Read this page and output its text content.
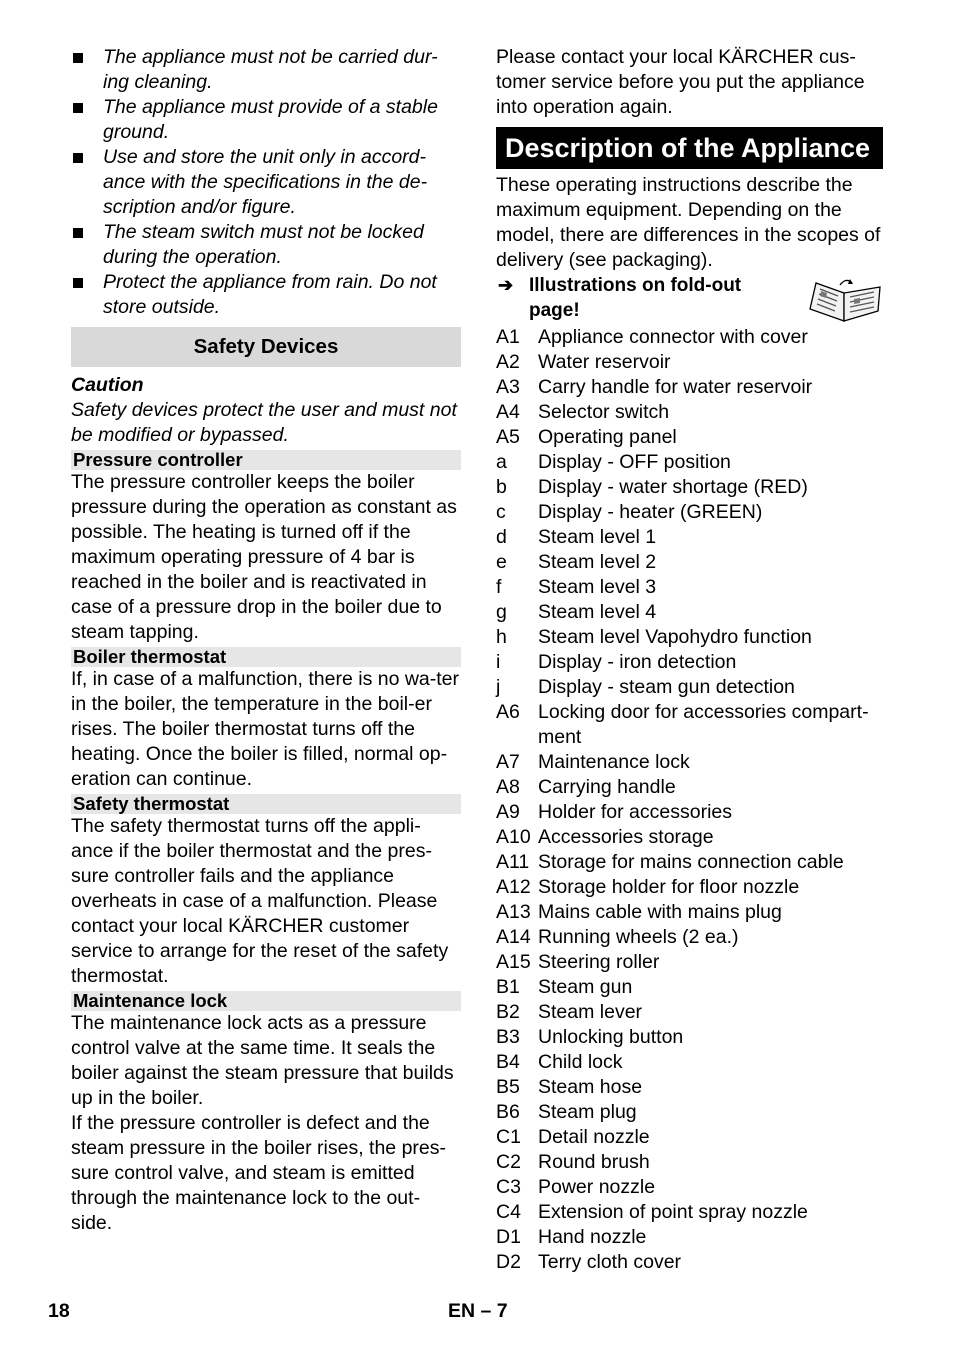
The appliance must not be carried dur-ing cleaning.
The appliance must provide of a stable ground.
Use and store the unit only in accord-ance with the specifications in the de-scription and/or figure.
The steam switch must not be locked during the operation.
Protect the appliance from rain. Do not store outside.
Safety Devices

Caution

Safety devices protect the user and must not be modified or bypassed.

Pressure controller

The pressure controller keeps the boiler pressure during the operation as constant as possible. The heating is turned off if the maximum operating pressure of 4 bar is reached in the boiler and is reactivated in case of a pressure drop in the boiler due to steam tapping.

Boiler thermostat

If, in case of a malfunction, there is no wa-ter in the boiler, the temperature in the boil-er rises. The boiler thermostat turns off the heating. Once the boiler is filled, normal op-eration can continue.

Safety thermostat

The safety thermostat turns off the appli-ance if the boiler thermostat and the pres-sure controller fails and the appliance overheats in case of a malfunction. Please contact your local KÄRCHER customer service to arrange for the reset of the safety thermostat.

Maintenance lock

The maintenance lock acts as a pressure control valve at the same time. It seals the boiler against the steam pressure that builds up in the boiler.

If the pressure controller is defect and the steam pressure in the boiler rises, the pres-sure control valve, and steam is emitted through the maintenance lock to the out-side.

Please contact your local KÄRCHER cus-tomer service before you put the appliance into operation again.

Description of the Appliance

These operating instructions describe the maximum equipment. Depending on the model, there are differences in the scopes of delivery (see packaging).

➔ Illustrations on fold-out page!
A1 Appliance connector with cover
A2 Water reservoir
A3 Carry handle for water reservoir
A4 Selector switch
A5 Operating panel
a Display - OFF position
b Display - water shortage (RED)
c Display - heater (GREEN)
d Steam level 1
e Steam level 2
f Steam level 3
g Steam level 4
h Steam level Vapohydro function
i Display - iron detection
j Display - steam gun detection
A6 Locking door for accessories compart-ment
A7 Maintenance lock
A8 Carrying handle
A9 Holder for accessories
A10 Accessories storage
A11 Storage for mains connection cable
A12 Storage holder for floor nozzle
A13 Mains cable with mains plug
A14 Running wheels (2 ea.)
A15 Steering roller
B1 Steam gun
B2 Steam lever
B3 Unlocking button
B4 Child lock
B5 Steam hose
B6 Steam plug
C1 Detail nozzle
C2 Round brush
C3 Power nozzle
C4 Extension of point spray nozzle
D1 Hand nozzle
D2 Terry cloth cover
18	EN – 7
